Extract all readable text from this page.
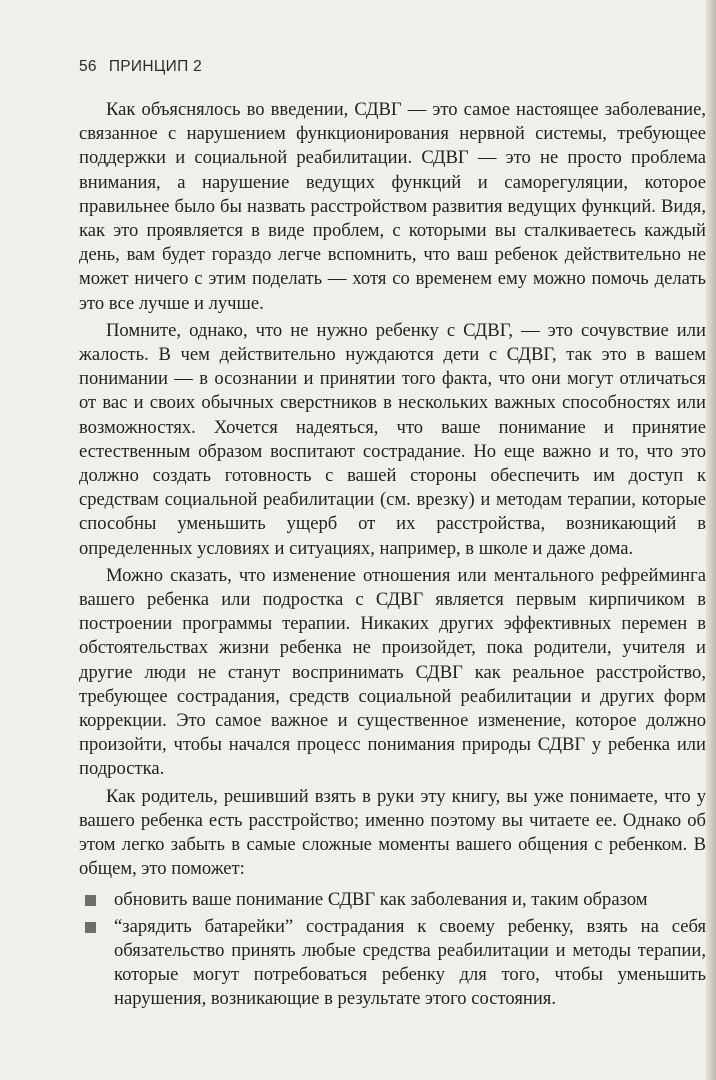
56 ПРИНЦИП 2

Как объяснялось во введении, СДВГ — это самое настоящее заболевание, связанное с нарушением функционирования нервной системы, требующее поддержки и социальной реабилитации. СДВГ — это не просто проблема внимания, а нарушение ведущих функций и саморегуляции, которое правильнее было бы назвать расстройством развития ведущих функций. Видя, как это проявляется в виде проблем, с которыми вы сталкиваетесь каждый день, вам будет гораздо легче вспомнить, что ваш ребенок действительно не может ничего с этим поделать — хотя со временем ему можно помочь делать это все лучше и лучше.

Помните, однако, что не нужно ребенку с СДВГ, — это сочувствие или жалость. В чем действительно нуждаются дети с СДВГ, так это в вашем понимании — в осознании и принятии того факта, что они могут отличаться от вас и своих обычных сверстников в нескольких важных способностях или возможностях. Хочется надеяться, что ваше понимание и принятие естественным образом воспитают сострадание. Но еще важно и то, что это должно создать готовность с вашей стороны обеспечить им доступ к средствам социальной реабилитации (см. врезку) и методам терапии, которые способны уменьшить ущерб от их расстройства, возникающий в определенных условиях и ситуациях, например, в школе и даже дома.

Можно сказать, что изменение отношения или ментального рефрейминга вашего ребенка или подростка с СДВГ является первым кирпичиком в построении программы терапии. Никаких других эффективных перемен в обстоятельствах жизни ребенка не произойдет, пока родители, учителя и другие люди не станут воспринимать СДВГ как реальное расстройство, требующее сострадания, средств социальной реабилитации и других форм коррекции. Это самое важное и существенное изменение, которое должно произойти, чтобы начался процесс понимания природы СДВГ у ребенка или подростка.

Как родитель, решивший взять в руки эту книгу, вы уже понимаете, что у вашего ребенка есть расстройство; именно поэтому вы читаете ее. Однако об этом легко забыть в самые сложные моменты вашего общения с ребенком. В общем, это поможет:

обновить ваше понимание СДВГ как заболевания и, таким образом
“зарядить батарейки” сострадания к своему ребенку, взять на себя обязательство принять любые средства реабилитации и методы терапии, которые могут потребоваться ребенку для того, чтобы уменьшить нарушения, возникающие в результате этого состояния.
